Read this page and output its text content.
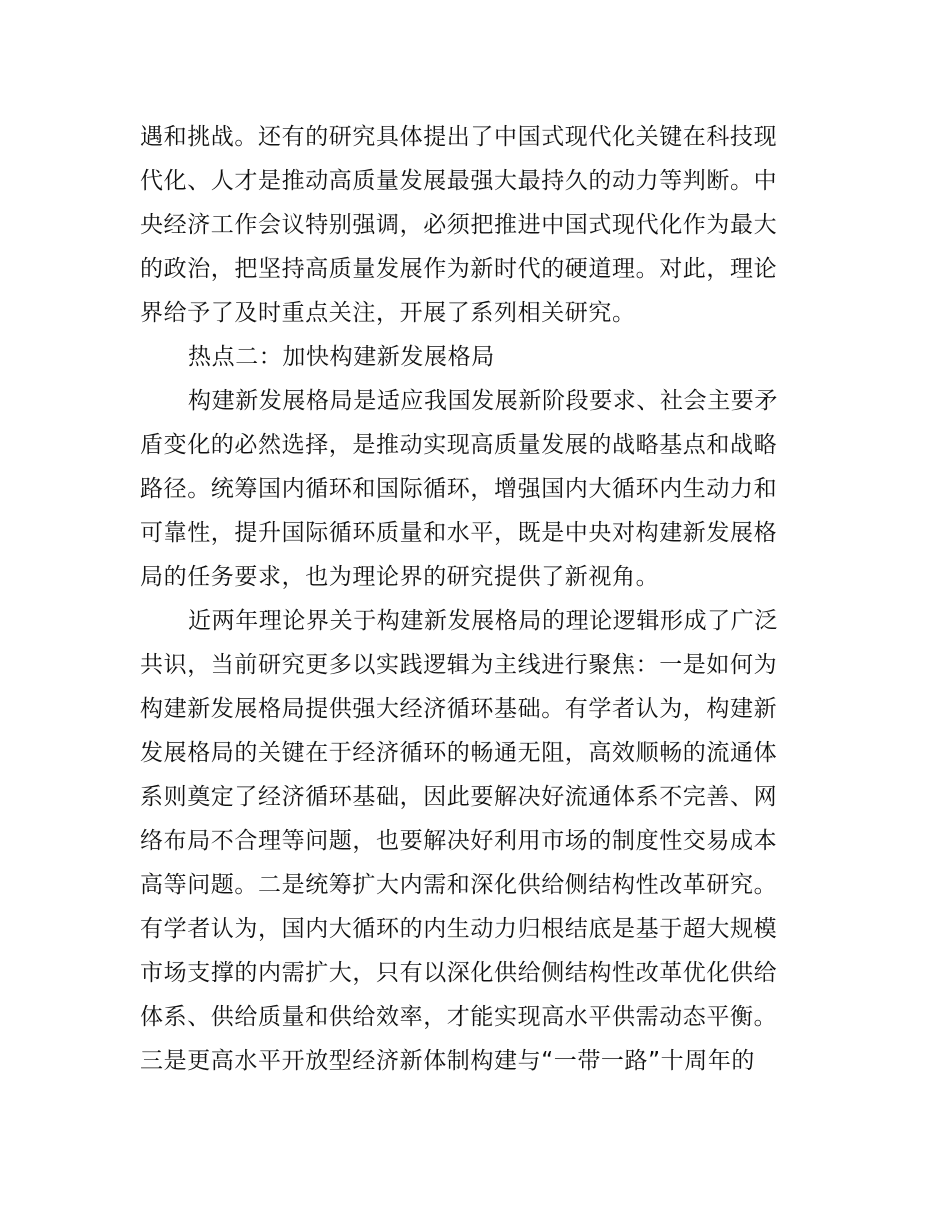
遇和挑战。还有的研究具体提出了中国式现代化关键在科技现
代化、人才是推动高质量发展最强大最持久的动力等判断。中
央经济工作会议特别强调，必须把推进中国式现代化作为最大
的政治，把坚持高质量发展作为新时代的硬道理。对此，理论
界给予了及时重点关注，开展了系列相关研究。
热点二：加快构建新发展格局
构建新发展格局是适应我国发展新阶段要求、社会主要矛
盾变化的必然选择，是推动实现高质量发展的战略基点和战略
路径。统筹国内循环和国际循环，增强国内大循环内生动力和
可靠性，提升国际循环质量和水平，既是中央对构建新发展格
局的任务要求，也为理论界的研究提供了新视角。
近两年理论界关于构建新发展格局的理论逻辑形成了广泛
共识，当前研究更多以实践逻辑为主线进行聚焦：一是如何为
构建新发展格局提供强大经济循环基础。有学者认为，构建新
发展格局的关键在于经济循环的畅通无阻，高效顺畅的流通体
系则奠定了经济循环基础，因此要解决好流通体系不完善、网
络布局不合理等问题，也要解决好利用市场的制度性交易成本
高等问题。二是统筹扩大内需和深化供给侧结构性改革研究。
有学者认为，国内大循环的内生动力归根结底是基于超大规模
市场支撑的内需扩大，只有以深化供给侧结构性改革优化供给
体系、供给质量和供给效率，才能实现高水平供需动态平衡。
三是更高水平开放型经济新体制构建与“一带一路”十周年的
